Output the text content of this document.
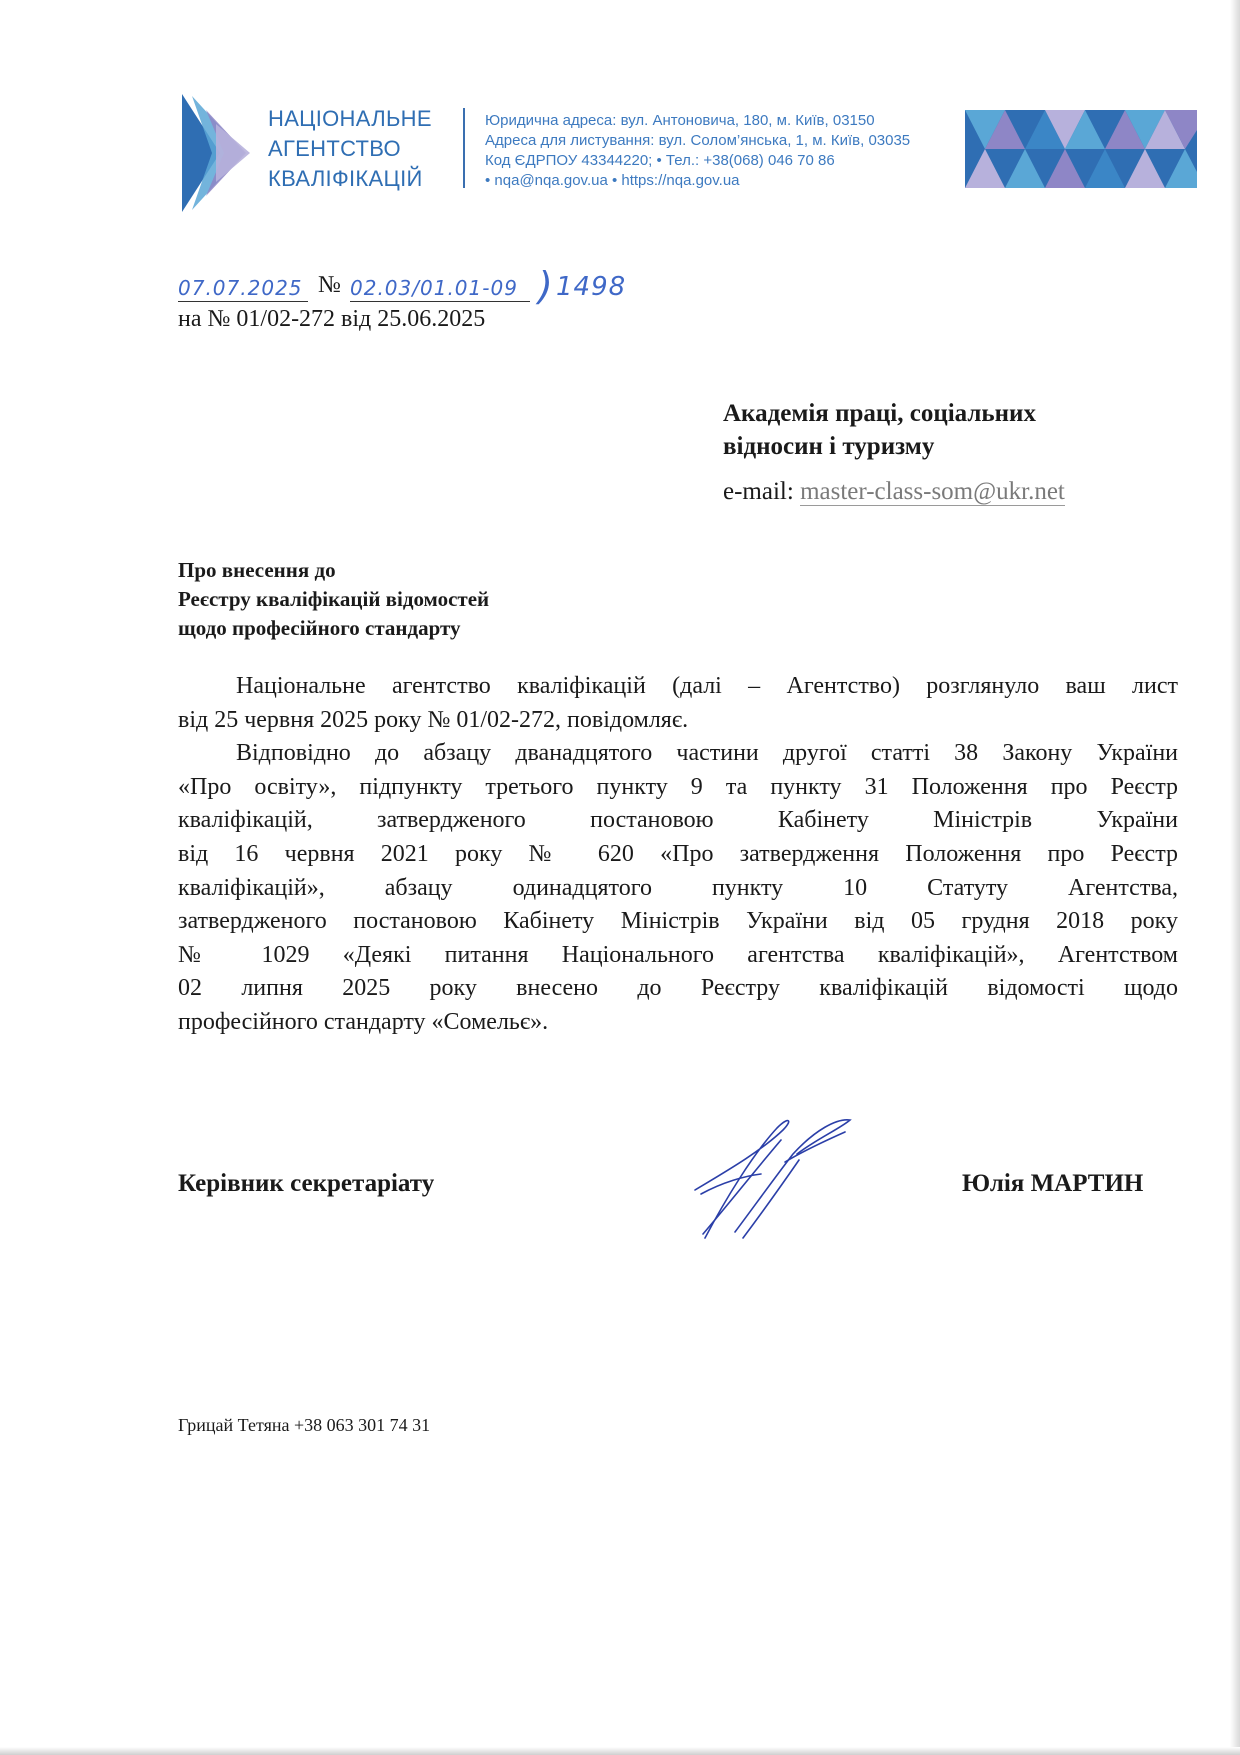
НАЦІОНАЛЬНЕ
АГЕНТСТВО
КВАЛІФІКАЦІЙ
Юридична адреса: вул. Антоновича, 180, м. Київ, 03150
Адреса для листування: вул. Солом’янська, 1, м. Київ, 03035
Код ЄДРПОУ 43344220; • Тел.: +38(068) 046 70 86
• nqa@nqa.gov.ua • https://nqa.gov.ua
07.07.2025 № 02.03/01.01-09 ) 1498
на № 01/02-272 від 25.06.2025
Академія праці, соціальних
відносин і туризму
e-mail: master-class-som@ukr.net
Про внесення до
Реєстру кваліфікацій відомостей
щодо професійного стандарту
Національне агентство кваліфікацій (далі – Агентство) розглянуло ваш лист
від 25 червня 2025 року № 01/02-272, повідомляє.
Відповідно до абзацу дванадцятого частини другої статті 38 Закону України
«Про освіту», підпункту третього пункту 9 та пункту 31 Положення про Реєстр
кваліфікацій, затвердженого постановою Кабінету Міністрів України
від 16 червня 2021 року № 620 «Про затвердження Положення про Реєстр
кваліфікацій», абзацу одинадцятого пункту 10 Статуту Агентства,
затвердженого постановою Кабінету Міністрів України від 05 грудня 2018 року
№ 1029 «Деякі питання Національного агентства кваліфікацій», Агентством
02 липня 2025 року внесено до Реєстру кваліфікацій відомості щодо
професійного стандарту «Сомельє».
Керівник секретаріату	Юлія МАРТИН
Грицай Тетяна +38 063 301 74 31
